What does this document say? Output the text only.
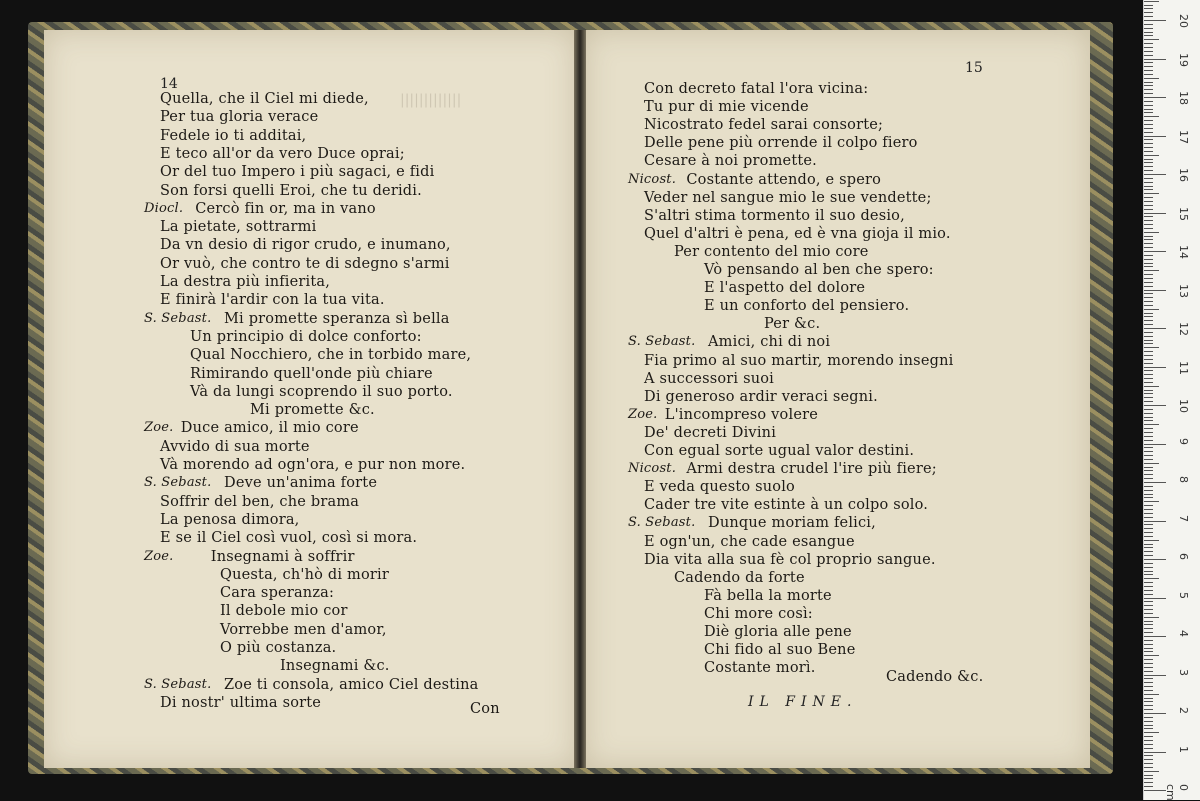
|||||||||||||
14
15
Quella, che il Ciel mi diede,
Per tua gloria verace
Fedele io ti additai,
E teco all'or da vero Duce oprai;
Or del tuo Impero i più sagaci, e fidi
Son forsi quelli Eroi, che tu deridi.
Diocl. Cercò fin or, ma in vano
La pietate, sottrarmi
Da vn desio di rigor crudo, e inumano,
Or vuò, che contro te di sdegno s'armi
La destra più infierita,
E finirà l'ardir con la tua vita.
S. Sebast. Mi promette speranza sì bella
Un principio di dolce conforto:
Qual Nocchiero, che in torbido mare,
Rimirando quell'onde più chiare
Và da lungi scoprendo il suo porto.
Mi promette &c.
Zoe. Duce amico, il mio core
Avvido di sua morte
Và morendo ad ogn'ora, e pur non more.
S. Sebast. Deve un'anima forte
Soffrir del ben, che brama
La penosa dimora,
E se il Ciel così vuol, così si mora.
Zoe.	Insegnami à soffrir
Questa, ch'hò di morir
Cara speranza:
Il debole mio cor
Vorrebbe men d'amor,
O più costanza.
Insegnami &c.
S. Sebast. Zoe ti consola, amico Ciel destina
Di nostr' ultima sorte
Con decreto fatal l'ora vicina:
Tu pur di mie vicende
Nicostrato fedel sarai consorte;
Delle pene più orrende il colpo fiero
Cesare à noi promette.
Nicost. Costante attendo, e spero
Veder nel sangue mio le sue vendette;
S'altri stima tormento il suo desio,
Quel d'altri è pena, ed è vna gioja il mio.
Per contento del mio core
Vò pensando al ben che spero:
E l'aspetto del dolore
E un conforto del pensiero.
Per &c.
S. Sebast. Amici, chi di noi
Fia primo al suo martir, morendo insegni
A successori suoi
Di generoso ardir veraci segni.
Zoe. L'incompreso volere
De' decreti Divini
Con egual sorte ugual valor destini.
Nicost. Armi destra crudel l'ire più fiere;
E veda questo suolo
Cader tre vite estinte à un colpo solo.
S. Sebast. Dunque moriam felici,
E ogn'un, che cade esangue
Dia vita alla sua fè col proprio sangue.
Cadendo da forte
Fà bella la morte
Chi more così:
Diè gloria alle pene
Chi fido al suo Bene
Costante morì.
Con
Cadendo &c.
IL FINE.
0 cm
1
2
3
4
5
6
7
8
9
10
11
12
13
14
15
16
17
18
19
20
